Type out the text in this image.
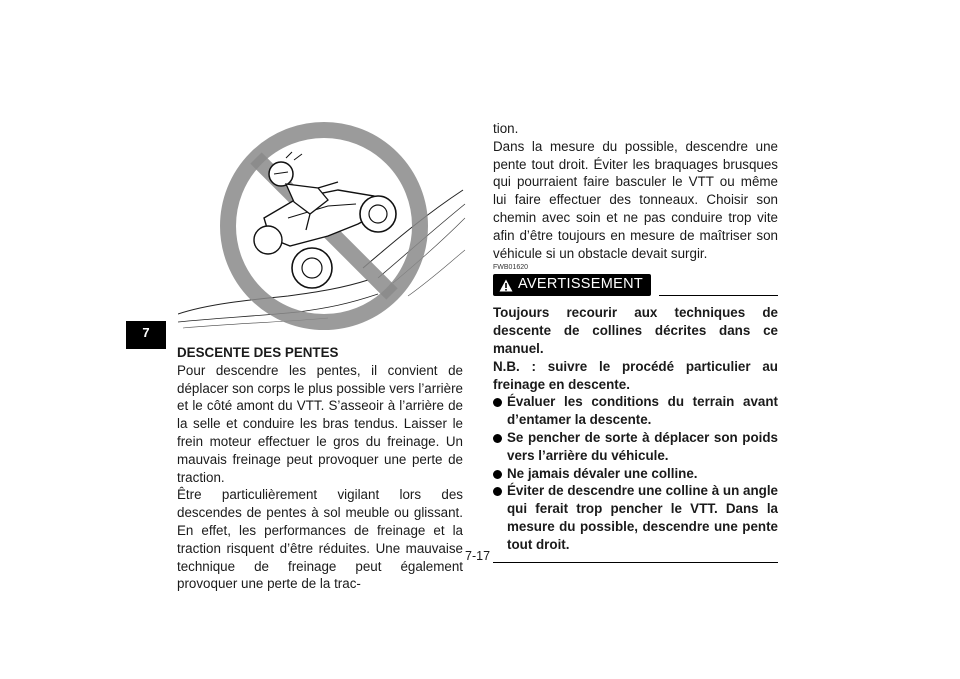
7

DESCENTE DES PENTES

Pour descendre les pentes, il convient de déplacer son corps le plus possible vers l’arrière et le côté amont du VTT. S’asseoir à l’arrière de la selle et conduire les bras tendus. Laisser le frein moteur effectuer le gros du freinage. Un mauvais freinage peut provoquer une perte de traction.

Être particulièrement vigilant lors des descendes de pentes à sol meuble ou glissant. En effet, les performances de freinage et la traction risquent d’être réduites. Une mauvaise technique de freinage peut également provoquer une perte de la trac-

tion.

Dans la mesure du possible, descendre une pente tout droit. Éviter les braquages brusques qui pourraient faire basculer le VTT ou même lui faire effectuer des tonneaux. Choisir son chemin avec soin et ne pas conduire trop vite afin d’être toujours en mesure de maîtriser son véhicule si un obstacle devait surgir.

FWB01620

AVERTISSEMENT

Toujours recourir aux techniques de descente de collines décrites dans ce manuel.

N.B. : suivre le procédé particulier au freinage en descente.

Évaluer les conditions du terrain avant d’entamer la descente.
Se pencher de sorte à déplacer son poids vers l’arrière du véhicule.
Ne jamais dévaler une colline.
Éviter de descendre une colline à un angle qui ferait trop pencher le VTT. Dans la mesure du possible, descendre une pente tout droit.
7-17
